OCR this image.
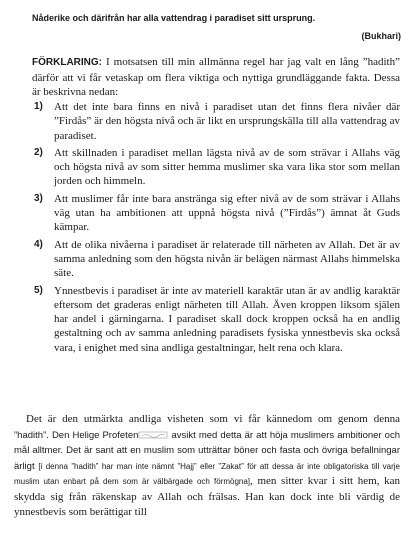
Nåderike och därifrån har alla vattendrag i paradiset sitt ursprung.
(Bukhari)
FÖRKLARING: I motsatsen till min allmänna regel har jag valt en lång ”hadith” därför att vi får vetaskap om flera viktiga och nyttiga grundläggande fakta. Dessa är beskrivna nedan:
1) Att det inte bara finns en nivå i paradiset utan det finns flera nivåer där ”Firdås” är den högsta nivå och är likt en ursprungskälla till alla vattendrag av paradiset.
2) Att skillnaden i paradiset mellan lägsta nivå av de som strävar i Allahs väg och högsta nivå av som sitter hemma muslimer ska vara lika stor som mellan jorden och himmeln.
3) Att muslimer får inte bara anstränga sig efter nivå av de som strävar i Allahs väg utan ha ambitionen att uppnå högsta nivå (”Firdås”) ämnat åt Guds kämpar.
4) Att de olika nivåerna i paradiset är relaterade till närheten av Allah. Det är av samma anledning som den högsta nivån är belägen närmast Allahs himmelska säte.
5) Ynnestbevis i paradiset är inte av materiell karaktär utan är av andlig karaktär eftersom det graderas enligt närheten till Allah. Även kroppen liksom själen har andel i gärningarna. I paradiset skall dock kroppen också ha en andlig gestaltning och av samma anledning paradisets fysiska ynnestbevis ska också vara, i enighet med sina andliga gestaltningar, helt rena och klara.

Det är den utmärkta andliga visheten som vi får kännedom om genom denna ”hadith”. Den Helige Profeten	avsikt med detta är att höja muslimers ambitioner och mål alltmer. Det är sant att en muslim som utträttar böner och fasta och övriga befallningar ärligt [i denna ”hadith” har man inte nämnt ”Hajj” eller ”Zakat” för att dessa är inte obligatoriska till varje muslim utan enbart på dem som är välbärgade och förmögna], men sitter kvar i sitt hem, kan skydda sig från räkenskap av Allah och frälsas. Han kan dock inte bli värdig de ynnestbevis som berättigar till
